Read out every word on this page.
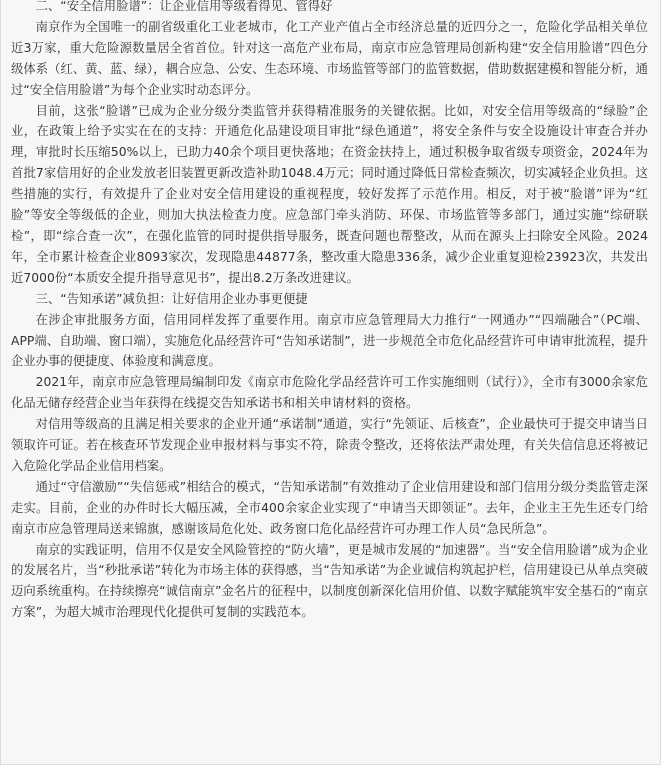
二、“安全信用脸谱”：让企业信用等级看得见、管得好

南京作为全国唯一的副省级重化工业老城市，化工产业产值占全市经济总量的近四分之一，危险化学品相关单位近3万家，重大危险源数量居全省首位。针对这一高危产业布局，南京市应急管理局创新构建“安全信用脸谱”四色分级体系（红、黄、蓝、绿），耦合应急、公安、生态环境、市场监管等部门的监管数据，借助数据建模和智能分析，通过“安全信用脸谱”为每个企业实时动态评分。

目前，这张“脸谱”已成为企业分级分类监管并获得精准服务的关键依据。比如，对安全信用等级高的“绿脸”企业，在政策上给予实实在在的支持：开通危化品建设项目审批“绿色通道”，将安全条件与安全设施设计审查合并办理，审批时长压缩50%以上，已助力40余个项目更快落地；在资金扶持上，通过积极争取省级专项资金，2024年为首批7家信用好的企业发放老旧装置更新改造补助1048.4万元；同时通过降低日常检查频次，切实减轻企业负担。这些措施的实行，有效提升了企业对安全信用建设的重视程度，较好发挥了示范作用。相反，对于被“脸谱”评为“红脸”等安全等级低的企业，则加大执法检查力度。应急部门牵头消防、环保、市场监管等多部门，通过实施“综研联检”，即“综合查一次”，在强化监管的同时提供指导服务，既查问题也帮整改，从而在源头上扫除安全风险。2024年，全市累计检查企业8093家次，发现隐患44877条，整改重大隐患336条，减少企业重复迎检23923次，共发出近7000份“本质安全提升指导意见书”，提出8.2万条改进建议。

三、“告知承诺”减负担：让好信用企业办事更便捷

在涉企审批服务方面，信用同样发挥了重要作用。南京市应急管理局大力推行“一网通办”“四端融合”（PC端、APP端、自助端、窗口端），实施危化品经营许可“告知承诺制”，进一步规范全市危化品经营许可申请审批流程，提升企业办事的便捷度、体验度和满意度。

2021年，南京市应急管理局编制印发《南京市危险化学品经营许可工作实施细则（试行）》，全市有3000余家危化品无储存经营企业当年获得在线提交告知承诺书和相关申请材料的资格。

对信用等级高的且满足相关要求的企业开通“承诺制”通道，实行“先领证、后核查”，企业最快可于提交申请当日领取许可证。若在核查环节发现企业申报材料与事实不符，除责令整改，还将依法严肃处理，有关失信信息还将被记入危险化学品企业信用档案。

通过“守信激励”“失信惩戒”相结合的模式，“告知承诺制”有效推动了企业信用建设和部门信用分级分类监管走深走实。目前，企业的办件时长大幅压减，全市400余家企业实现了“申请当天即领证”。去年，企业主王先生还专门给南京市应急管理局送来锦旗，感谢该局危化处、政务窗口危化品经营许可办理工作人员“急民所急”。

南京的实践证明，信用不仅是安全风险管控的“防火墙”，更是城市发展的“加速器”。当“安全信用脸谱”成为企业的发展名片，当“秒批承诺”转化为市场主体的获得感，当“告知承诺”为企业诚信构筑起护栏，信用建设已从单点突破迈向系统重构。在持续擦亮“诚信南京”金名片的征程中，以制度创新深化信用价值、以数字赋能筑牢安全基石的“南京方案”，为超大城市治理现代化提供可复制的实践范本。
